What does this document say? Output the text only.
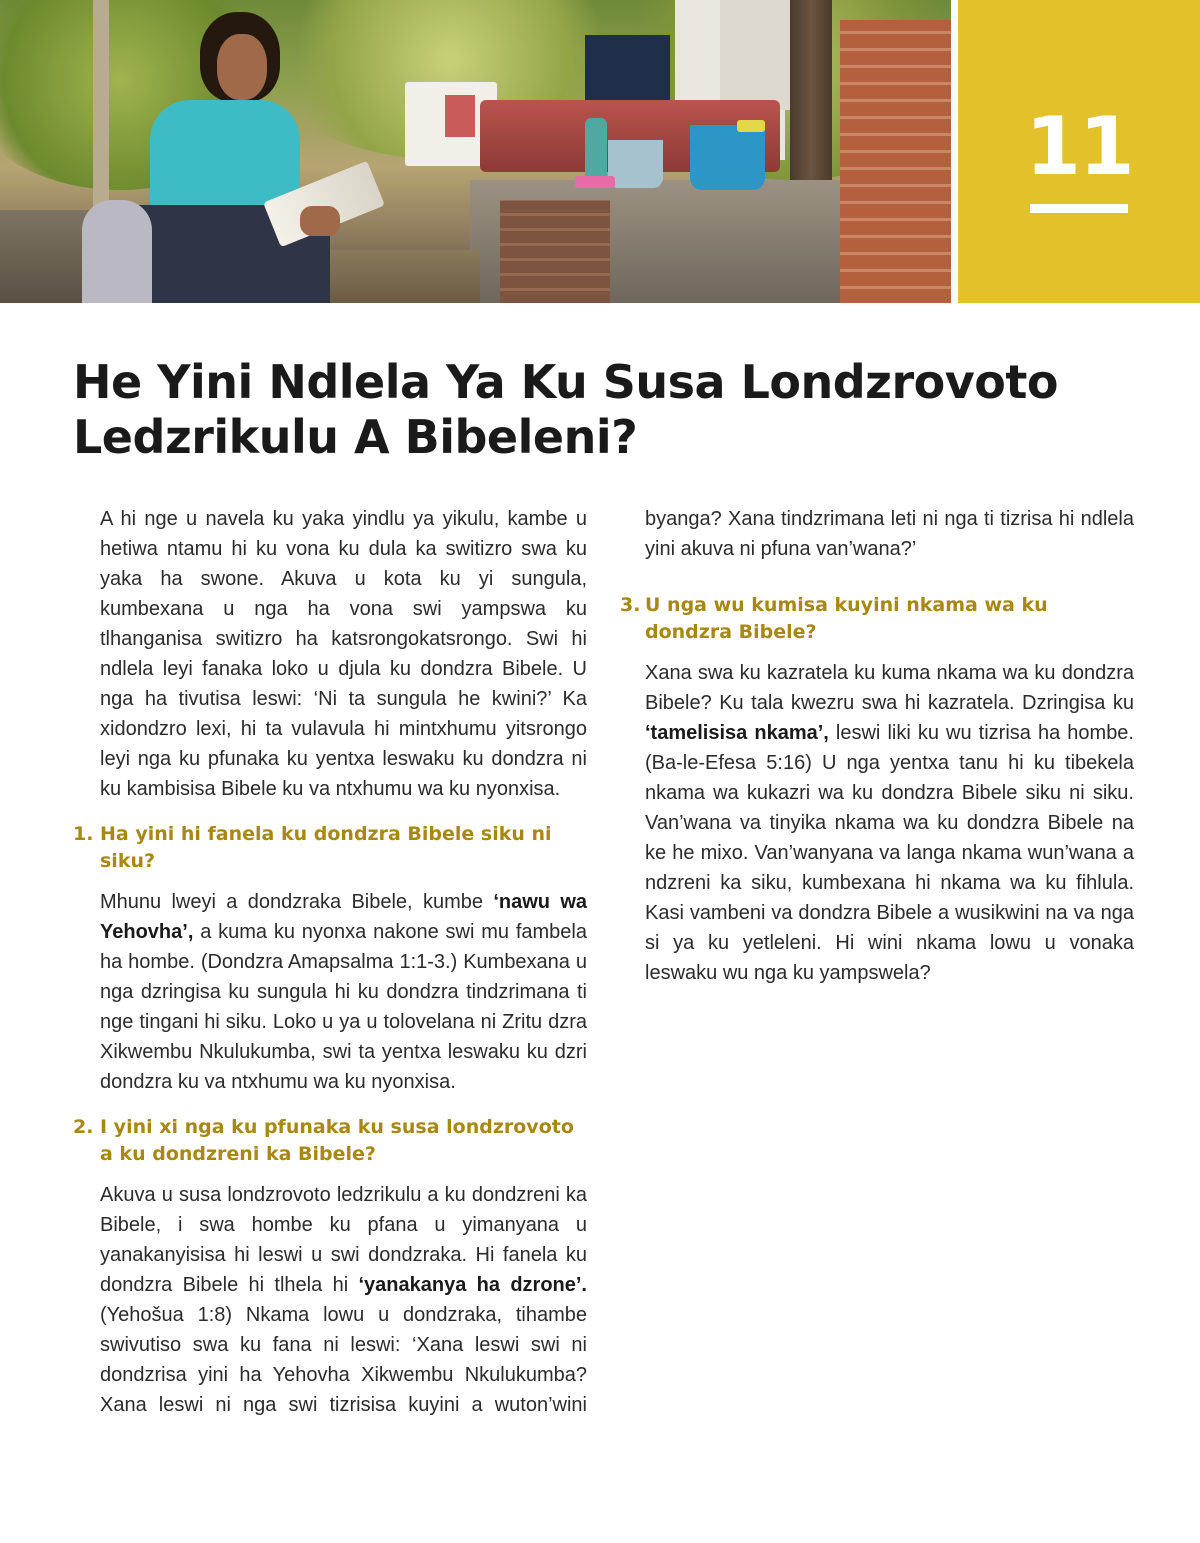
11
He Yini Ndlela Ya Ku Susa Londzrovoto Ledzrikulu A Bibeleni?

A hi nge u navela ku yaka yindlu ya yikulu, kambe u hetiwa ntamu hi ku vona ku dula ka switizro swa ku yaka ha swone. Akuva u kota ku yi sungula, kumbexana u nga ha vona swi yampswa ku tlhanganisa switizro ha katsrongokatsrongo. Swi hi ndlela leyi fanaka loko u djula ku dondzra Bibele. U nga ha tivutisa leswi: ‘Ni ta sungula he kwini?’ Ka xidondzro lexi, hi ta vulavula hi mintxhumu yitsrongo leyi nga ku pfunaka ku yentxa leswaku ku dondzra ni ku kambisisa Bibele ku va ntxhumu wa ku nyonxisa.

1. Ha yini hi fanela ku dondzra Bibele siku ni siku?

Mhunu lweyi a dondzraka Bibele, kumbe ‘nawu wa Yehovha’, a kuma ku nyonxa nakone swi mu fambela ha hombe. (Dondzra Amapsalma 1:1-3.) Kumbexana u nga dzringisa ku sungula hi ku dondzra tindzrimana ti nge tingani hi siku. Loko u ya u tolovelana ni Zritu dzra Xikwembu Nkulukumba, swi ta yentxa leswaku ku dzri dondzra ku va ntxhumu wa ku nyonxisa.

2. I yini xi nga ku pfunaka ku susa londzrovoto a ku dondzreni ka Bibele?

Akuva u susa londzrovoto ledzrikulu a ku dondzreni ka Bibele, i swa hombe ku pfana u yimanyana u yanakanyisisa hi leswi u swi dondzraka. Hi fanela ku dondzra Bibele hi tlhela hi ‘yanakanya ha dzrone’. (Yehošua 1:8) Nkama lowu u dondzraka, tihambe swivutiso swa ku fana ni leswi: ‘Xana leswi swi ni dondzrisa yini ha Yehovha Xikwembu Nkulukumba? Xana leswi ni nga swi tizrisisa kuyini a wuton’wini

byanga? Xana tindzrimana leti ni nga ti tizrisa hi ndlela yini akuva ni pfuna van’wana?’

3. U nga wu kumisa kuyini nkama wa ku dondzra Bibele?

Xana swa ku kazratela ku kuma nkama wa ku dondzra Bibele? Ku tala kwezru swa hi kazratela. Dzringisa ku ‘tamelisisa nkama’, leswi liki ku wu tizrisa ha hombe. (Ba-le-Efesa 5:16) U nga yentxa tanu hi ku tibekela nkama wa kukazri wa ku dondzra Bibele siku ni siku. Van’wana va tinyika nkama wa ku dondzra Bibele na ke he mixo. Van’wanyana va langa nkama wun’wana a ndzreni ka siku, kumbexana hi nkama wa ku fihlula. Kasi vambeni va dondzra Bibele a wusikwini na va nga si ya ku yetleleni. Hi wini nkama lowu u vonaka leswaku wu nga ku yampswela?
